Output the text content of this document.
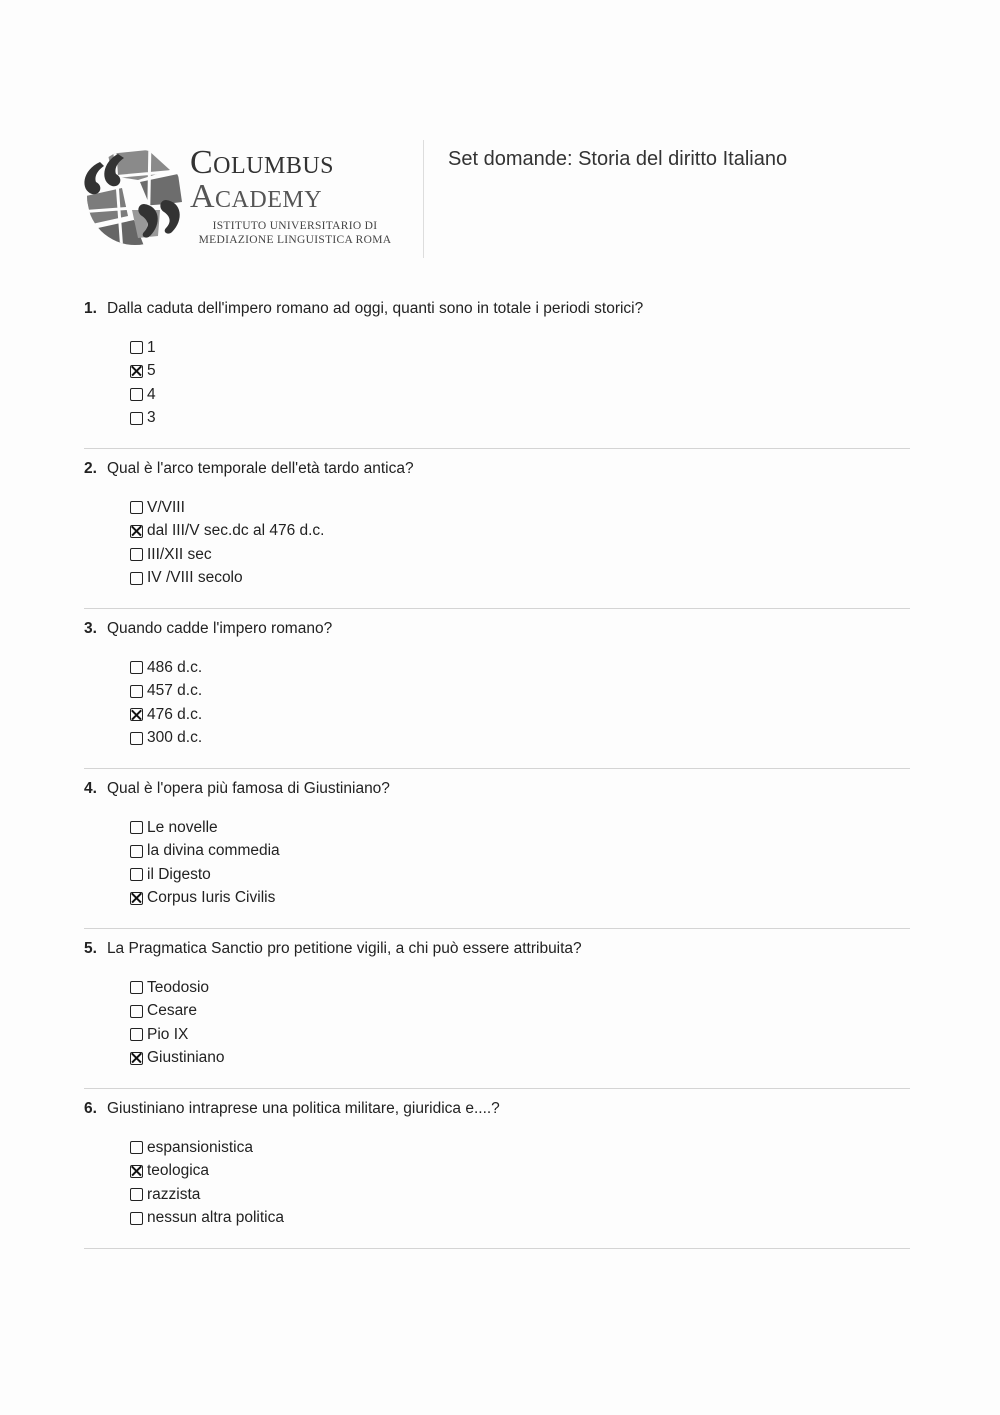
Columbus
Academy
ISTITUTO UNIVERSITARIO DI
MEDIAZIONE LINGUISTICA ROMA
Set domande: Storia del diritto Italiano
1. Dalla caduta dell'impero romano ad oggi, quanti sono in totale i periodi storici?
1
5
4
3
2. Qual è l'arco temporale dell'età tardo antica?
V/VIII
dal III/V sec.dc al 476 d.c.
III/XII sec
IV /VIII secolo
3. Quando cadde l'impero romano?
486 d.c.
457 d.c.
476 d.c.
300 d.c.
4. Qual è l'opera più famosa di Giustiniano?
Le novelle
la divina commedia
il Digesto
Corpus Iuris Civilis
5. La Pragmatica Sanctio pro petitione vigili, a chi può essere attribuita?
Teodosio
Cesare
Pio IX
Giustiniano
6. Giustiniano intraprese una politica militare, giuridica e....?
espansionistica
teologica
razzista
nessun altra politica
